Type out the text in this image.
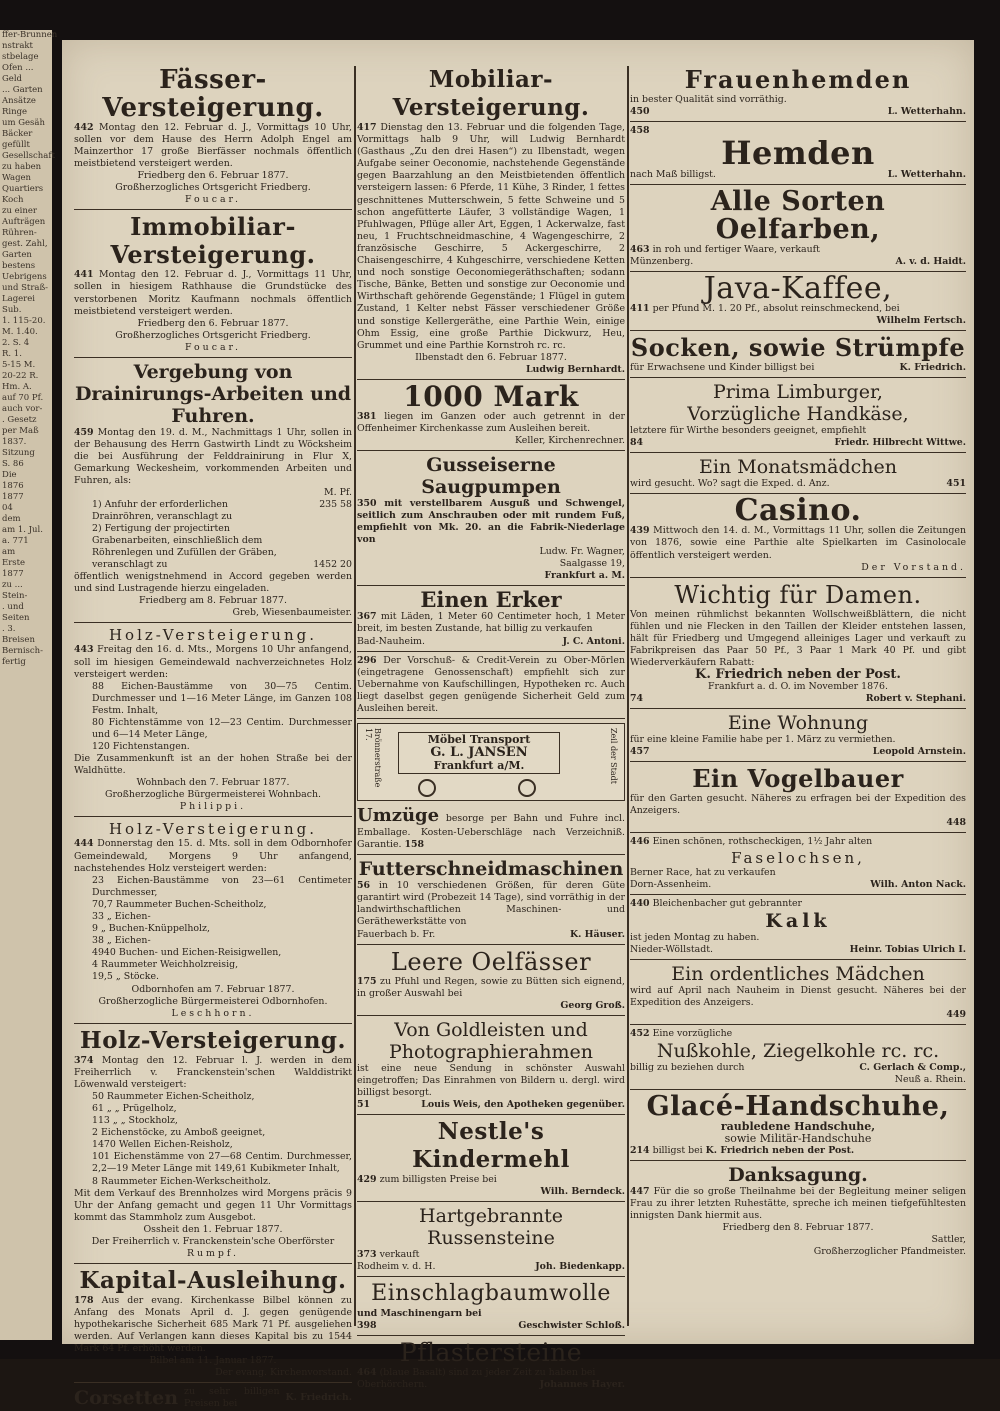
ffer-Brunnen
nstrakt
stbelage
Ofen ...
Geld
... Garten
Ansätze
Ringe
um Gesäh
Bäcker
gefüllt
Gesellschaft
zu haben
Wagen
Quartiers
Koch
zu einer
Aufträgen
Rühren-
gest. Zahl,
Garten
bestens
Uebrigens
und Straß-
Lagerei
Sub.
1. 115-20.
M. 1.40.
2. S. 4
R. 1.
5-15 M.
20-22 R.
Hm. A.
auf 70 Pf.
auch vor-
. Gesetz
per Maß
1837.
Sitzung
S. 86
Die
1876
1877
04
dem
am 1. Jul.
a. 771
am
Erste
1877
zu ...
Stein-
. und
Seiten
. 3.
Breisen
Bernisch-
fertig
Fässer-Versteigerung.
442 Montag den 12. Februar d. J., Vormittags 10 Uhr, sollen vor dem Hause des Herrn Adolph Engel am Mainzerthor 17 große Bierfässer nochmals öffentlich meistbietend versteigert werden.
Friedberg den 6. Februar 1877.
Großherzogliches Ortsgericht Friedberg.
Foucar.
Immobiliar-Versteigerung.
441 Montag den 12. Februar d. J., Vormittags 11 Uhr, sollen in hiesigem Rathhause die Grundstücke des verstorbenen Moritz Kaufmann nochmals öffentlich meistbietend versteigert werden.
Friedberg den 6. Februar 1877.
Großherzogliches Ortsgericht Friedberg.
Foucar.
Vergebung von Drainirungs-Arbeiten und Fuhren.
459 Montag den 19. d. M., Nachmittags 1 Uhr, sollen in der Behausung des Herrn Gastwirth Lindt zu Wöcksheim die bei Ausführung der Felddrainirung in Flur X, Gemarkung Weckesheim, vorkommenden Arbeiten und Fuhren, als:
M. Pf.
1) Anfuhr der erforderlichen Drainröhren, veranschlagt zu
235 58
2) Fertigung der projectirten Grabenarbeiten, einschließlich dem Röhrenlegen und Zufüllen der Gräben, veranschlagt zu	1452 20
öffentlich wenigstnehmend in Accord gegeben werden und sind Lustragende hierzu eingeladen.
Friedberg am 8. Februar 1877.
Greb, Wiesenbaumeister.
Holz-Versteigerung.
443 Freitag den 16. d. Mts., Morgens 10 Uhr anfangend, soll im hiesigen Gemeindewald nachverzeichnetes Holz versteigert werden:
88 Eichen-Baustämme von 30—75 Centim. Durchmesser und 1—16 Meter Länge, im Ganzen 108 Festm. Inhalt,
80 Fichtenstämme von 12—23 Centim. Durchmesser und 6—14 Meter Länge,
120 Fichtenstangen.
Die Zusammenkunft ist an der hohen Straße bei der Waldhütte.
Wohnbach den 7. Februar 1877.
Großherzogliche Bürgermeisterei Wohnbach.
Philippi.
Holz-Versteigerung.
444 Donnerstag den 15. d. Mts. soll in dem Odbornhofer Gemeindewald, Morgens 9 Uhr anfangend, nachstehendes Holz versteigert werden:
23 Eichen-Baustämme von 23—61 Centimeter Durchmesser,
70,7 Raummeter Buchen-Scheitholz,
33 „ Eichen-
9 „ Buchen-Knüppelholz,
38 „ Eichen-
4940 Buchen- und Eichen-Reisigwellen,
4 Raummeter Weichholzreisig,
19,5 „ Stöcke.
Odbornhofen am 7. Februar 1877.
Großherzogliche Bürgermeisterei Odbornhofen.
Leschhorn.
Holz-Versteigerung.
374 Montag den 12. Februar l. J. werden in dem Freiherrlich v. Franckenstein'schen Walddistrikt Löwenwald versteigert:
50 Raummeter Eichen-Scheitholz,
61 „ „ Prügelholz,
113 „ „ Stockholz,
2 Eichenstöcke, zu Amboß geeignet,
1470 Wellen Eichen-Reisholz,
101 Eichenstämme von 27—68 Centim. Durchmesser, 2,2—19 Meter Länge mit 149,61 Kubikmeter Inhalt,
8 Raummeter Eichen-Werkscheitholz.
Mit dem Verkauf des Brennholzes wird Morgens präcis 9 Uhr der Anfang gemacht und gegen 11 Uhr Vormittags kommt das Stammholz zum Ausgebot.
Ossheit den 1. Februar 1877.
Der Freiherrlich v. Franckenstein'sche Oberförster
Rumpf.
Kapital-Ausleihung.
178 Aus der evang. Kirchenkasse Bilbel können zu Anfang des Monats April d. J. gegen genügende hypothekarische Sicherheit 685 Mark 71 Pf. ausgeliehen werden. Auf Verlangen kann dieses Kapital bis zu 1544 Mark 64 Pf. erhöht werden.
Bilbel am 11. Januar 1877.
Der evang. Kirchenvorstand.
Corsetten zu sehr billigen Preisen bei
K. Friedrich.
Mobiliar-Versteigerung.
417 Dienstag den 13. Februar und die folgenden Tage, Vormittags halb 9 Uhr, will Ludwig Bernhardt (Gasthaus „Zu den drei Hasen“) zu Ilbenstadt, wegen Aufgabe seiner Oeconomie, nachstehende Gegenstände gegen Baarzahlung an den Meistbietenden öffentlich versteigern lassen: 6 Pferde, 11 Kühe, 3 Rinder, 1 fettes geschnittenes Mutterschwein, 5 fette Schweine und 5 schon angefütterte Läufer, 3 vollständige Wagen, 1 Pfuhlwagen, Pflüge aller Art, Eggen, 1 Ackerwalze, fast neu, 1 Fruchtschneidmaschine, 4 Wagengeschirre, 2 französische Geschirre, 5 Ackergeschirre, 2 Chaisengeschirre, 4 Kuhgeschirre, verschiedene Ketten und noch sonstige Oeconomiegeräthschaften; sodann Tische, Bänke, Betten und sonstige zur Oeconomie und Wirthschaft gehörende Gegenstände; 1 Flügel in gutem Zustand, 1 Kelter nebst Fässer verschiedener Größe und sonstige Kellergeräthe, eine Parthie Wein, einige Ohm Essig, eine große Parthie Dickwurz, Heu, Grummet und eine Parthie Kornstroh rc. rc.
Ilbenstadt den 6. Februar 1877.
Ludwig Bernhardt.
1000 Mark
381 liegen im Ganzen oder auch getrennt in der Offenheimer Kirchenkasse zum Ausleihen bereit.
Keller, Kirchenrechner.
Gusseiserne Saugpumpen
350 mit verstellbarem Ausguß und Schwengel, seitlich zum Anschrauben oder mit rundem Fuß, empfiehlt von Mk. 20. an die Fabrik-Niederlage von
Ludw. Fr. Wagner,
Saalgasse 19,
Frankfurt a. M.
Einen Erker
367 mit Läden, 1 Meter 60 Centimeter hoch, 1 Meter breit, im besten Zustande, hat billig zu verkaufen
Bad-Nauheim.	J. C. Antoni.
296 Der Vorschuß- & Credit-Verein zu Ober-Mörlen (eingetragene Genossenschaft) empfiehlt sich zur Uebernahme von Kaufschillingen, Hypotheken rc. Auch liegt daselbst gegen genügende Sicherheit Geld zum Ausleihen bereit.
Brönnerstraße 17.	Möbel Transport
G. L. JANSEN
Frankfurt a/M.	Zeil der Stadt
Umzüge besorge per Bahn und Fuhre incl. Emballage. Kosten-Ueberschläge nach Verzeichniß. Garantie. 158
Futterschneidmaschinen
56 in 10 verschiedenen Größen, für deren Güte garantirt wird (Probezeit 14 Tage), sind vorräthig in der landwirthschaftlichen Maschinen- und Geräthewerkstätte von
Fauerbach b. Fr.	K. Häuser.
Leere Oelfässer
175 zu Pfuhl und Regen, sowie zu Bütten sich eignend, in großer Auswahl bei
Georg Groß.
Von Goldleisten und Photographierahmen
ist eine neue Sendung in schönster Auswahl eingetroffen; Das Einrahmen von Bildern u. dergl. wird billigst besorgt.
51	Louis Weis, den Apotheken gegenüber.
Nestle's Kindermehl
429 zum billigsten Preise bei
Wilh. Berndeck.
Hartgebrannte Russensteine
373 verkauft
Rodheim v. d. H.	Joh. Biedenkapp.
Einschlagbaumwolle
und Maschinengarn bei
398	Geschwister Schloß.
Pflastersteine
464 (blaue Basalt) sind zu jeder Zeit zu haben bei
Oberhörchern.	Johannes Hayer.
Frauenhemden
in bester Qualität sind vorräthig.
450	L. Wetterhahn.
458
Hemden
nach Maß billigst.	L. Wetterhahn.
Alle Sorten Oelfarben,
463 in roh und fertiger Waare, verkauft
Münzenberg.	A. v. d. Haidt.
Java-Kaffee,
411 per Pfund M. 1. 20 Pf., absolut reinschmeckend, bei
Wilhelm Fertsch.
Socken, sowie Strümpfe
für Erwachsene und Kinder billigst bei	K. Friedrich.
Prima Limburger,
Vorzügliche Handkäse,
letztere für Wirthe besonders geeignet, empfiehlt
84	Friedr. Hilbrecht Wittwe.
Ein Monatsmädchen
wird gesucht. Wo? sagt die Exped. d. Anz.	451
Casino.
439 Mittwoch den 14. d. M., Vormittags 11 Uhr, sollen die Zeitungen von 1876, sowie eine Parthie alte Spielkarten im Casinolocale öffentlich versteigert werden.
Der Vorstand.
Wichtig für Damen.
Von meinen rühmlichst bekannten Wollschweißblättern, die nicht fühlen und nie Flecken in den Taillen der Kleider entstehen lassen, hält für Friedberg und Umgegend alleiniges Lager und verkauft zu Fabrikpreisen das Paar 50 Pf., 3 Paar 1 Mark 40 Pf. und gibt Wiederverkäufern Rabatt:
K. Friedrich neben der Post.
Frankfurt a. d. O. im November 1876.
74	Robert v. Stephani.
Eine Wohnung
für eine kleine Familie habe per 1. März zu vermiethen.
457	Leopold Arnstein.
Ein Vogelbauer
für den Garten gesucht. Näheres zu erfragen bei der Expedition des Anzeigers.
448
446 Einen schönen, rothscheckigen, 1½ Jahr alten
Faselochsen,
Berner Race, hat zu verkaufen
Dorn-Assenheim.	Wilh. Anton Nack.
440 Bleichenbacher gut gebrannter
Kalk
ist jeden Montag zu haben.
Nieder-Wöllstadt.	Heinr. Tobias Ulrich I.
Ein ordentliches Mädchen
wird auf April nach Nauheim in Dienst gesucht. Näheres bei der Expedition des Anzeigers.
449
452 Eine vorzügliche
Nußkohle, Ziegelkohle rc. rc.
billig zu beziehen durch	C. Gerlach & Comp.,
Neuß a. Rhein.
Glacé-Handschuhe,
raubledene Handschuhe,
sowie Militär-Handschuhe
214 billigst bei K. Friedrich neben der Post.
Danksagung.
447 Für die so große Theilnahme bei der Begleitung meiner seligen Frau zu ihrer letzten Ruhestätte, spreche ich meinen tiefgefühltesten innigsten Dank hiermit aus.
Friedberg den 8. Februar 1877.
Sattler,
Großherzoglicher Pfandmeister.
